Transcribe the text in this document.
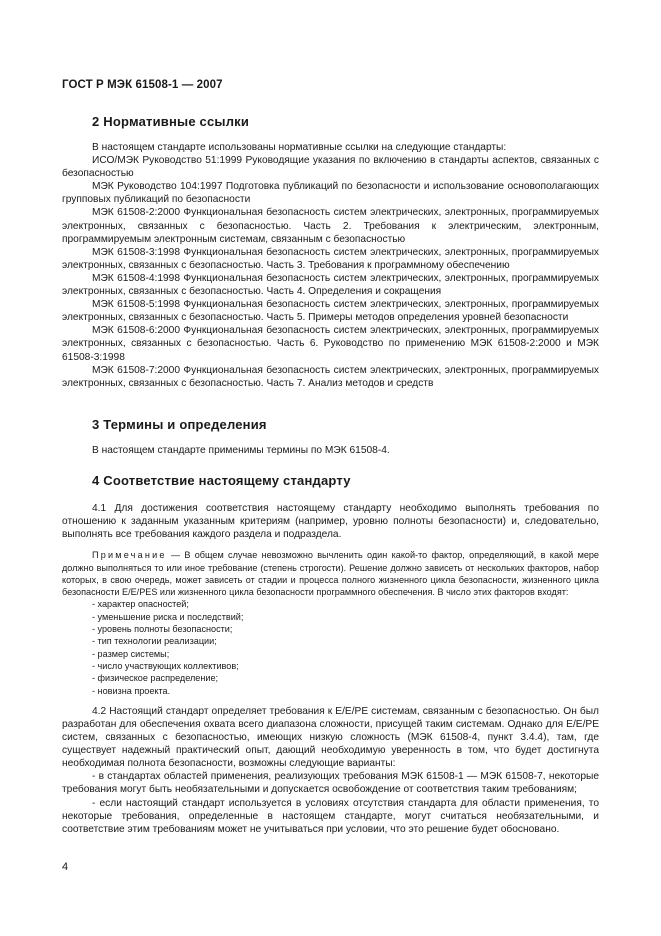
ГОСТ Р МЭК 61508-1 — 2007
2 Нормативные ссылки

В настоящем стандарте использованы нормативные ссылки на следующие стандарты:

ИСО/МЭК Руководство 51:1999 Руководящие указания по включению в стандарты аспектов, связанных с безопасностью

МЭК Руководство 104:1997 Подготовка публикаций по безопасности и использование основополагающих групповых публикаций по безопасности

МЭК 61508-2:2000 Функциональная безопасность систем электрических, электронных, программируемых электронных, связанных с безопасностью. Часть 2. Требования к электрическим, электронным, программируемым электронным системам, связанным с безопасностью

МЭК 61508-3:1998 Функциональная безопасность систем электрических, электронных, программируемых электронных, связанных с безопасностью. Часть 3. Требования к программному обеспечению

МЭК 61508-4:1998 Функциональная безопасность систем электрических, электронных, программируемых электронных, связанных с безопасностью. Часть 4. Определения и сокращения

МЭК 61508-5:1998 Функциональная безопасность систем электрических, электронных, программируемых электронных, связанных с безопасностью. Часть 5. Примеры методов определения уровней безопасности

МЭК 61508-6:2000 Функциональная безопасность систем электрических, электронных, программируемых электронных, связанных с безопасностью. Часть 6. Руководство по применению МЭК 61508-2:2000 и МЭК 61508-3:1998

МЭК 61508-7:2000 Функциональная безопасность систем электрических, электронных, программируемых электронных, связанных с безопасностью. Часть 7. Анализ методов и средств

3 Термины и определения

В настоящем стандарте применимы термины по МЭК 61508-4.

4 Соответствие настоящему стандарту

4.1 Для достижения соответствия настоящему стандарту необходимо выполнять требования по отношению к заданным указанным критериям (например, уровню полноты безопасности) и, следовательно, выполнять все требования каждого раздела и подраздела.

Примечание — В общем случае невозможно вычленить один какой-то фактор, определяющий, в какой мере должно выполняться то или иное требование (степень строгости). Решение должно зависеть от нескольких факторов, набор которых, в свою очередь, может зависеть от стадии и процесса полного жизненного цикла безопасности, жизненного цикла безопасности E/E/PES или жизненного цикла безопасности программного обеспечения. В число этих факторов входят:

- характер опасностей;
- уменьшение риска и последствий;
- уровень полноты безопасности;
- тип технологии реализации;
- размер системы;
- число участвующих коллективов;
- физическое распределение;
- новизна проекта.

4.2 Настоящий стандарт определяет требования к E/E/PE системам, связанным с безопасностью. Он был разработан для обеспечения охвата всего диапазона сложности, присущей таким системам. Однако для E/E/PE систем, связанных с безопасностью, имеющих низкую сложность (МЭК 61508-4, пункт 3.4.4), там, где существует надежный практический опыт, дающий необходимую уверенность в том, что будет достигнута необходимая полнота безопасности, возможны следующие варианты:

- в стандартах областей применения, реализующих требования МЭК 61508-1 — МЭК 61508-7, некоторые требования могут быть необязательными и допускается освобождение от соответствия таким требованиям;

- если настоящий стандарт используется в условиях отсутствия стандарта для области применения, то некоторые требования, определенные в настоящем стандарте, могут считаться необязательными, и соответствие этим требованиям может не учитываться при условии, что это решение будет обосновано.

4
